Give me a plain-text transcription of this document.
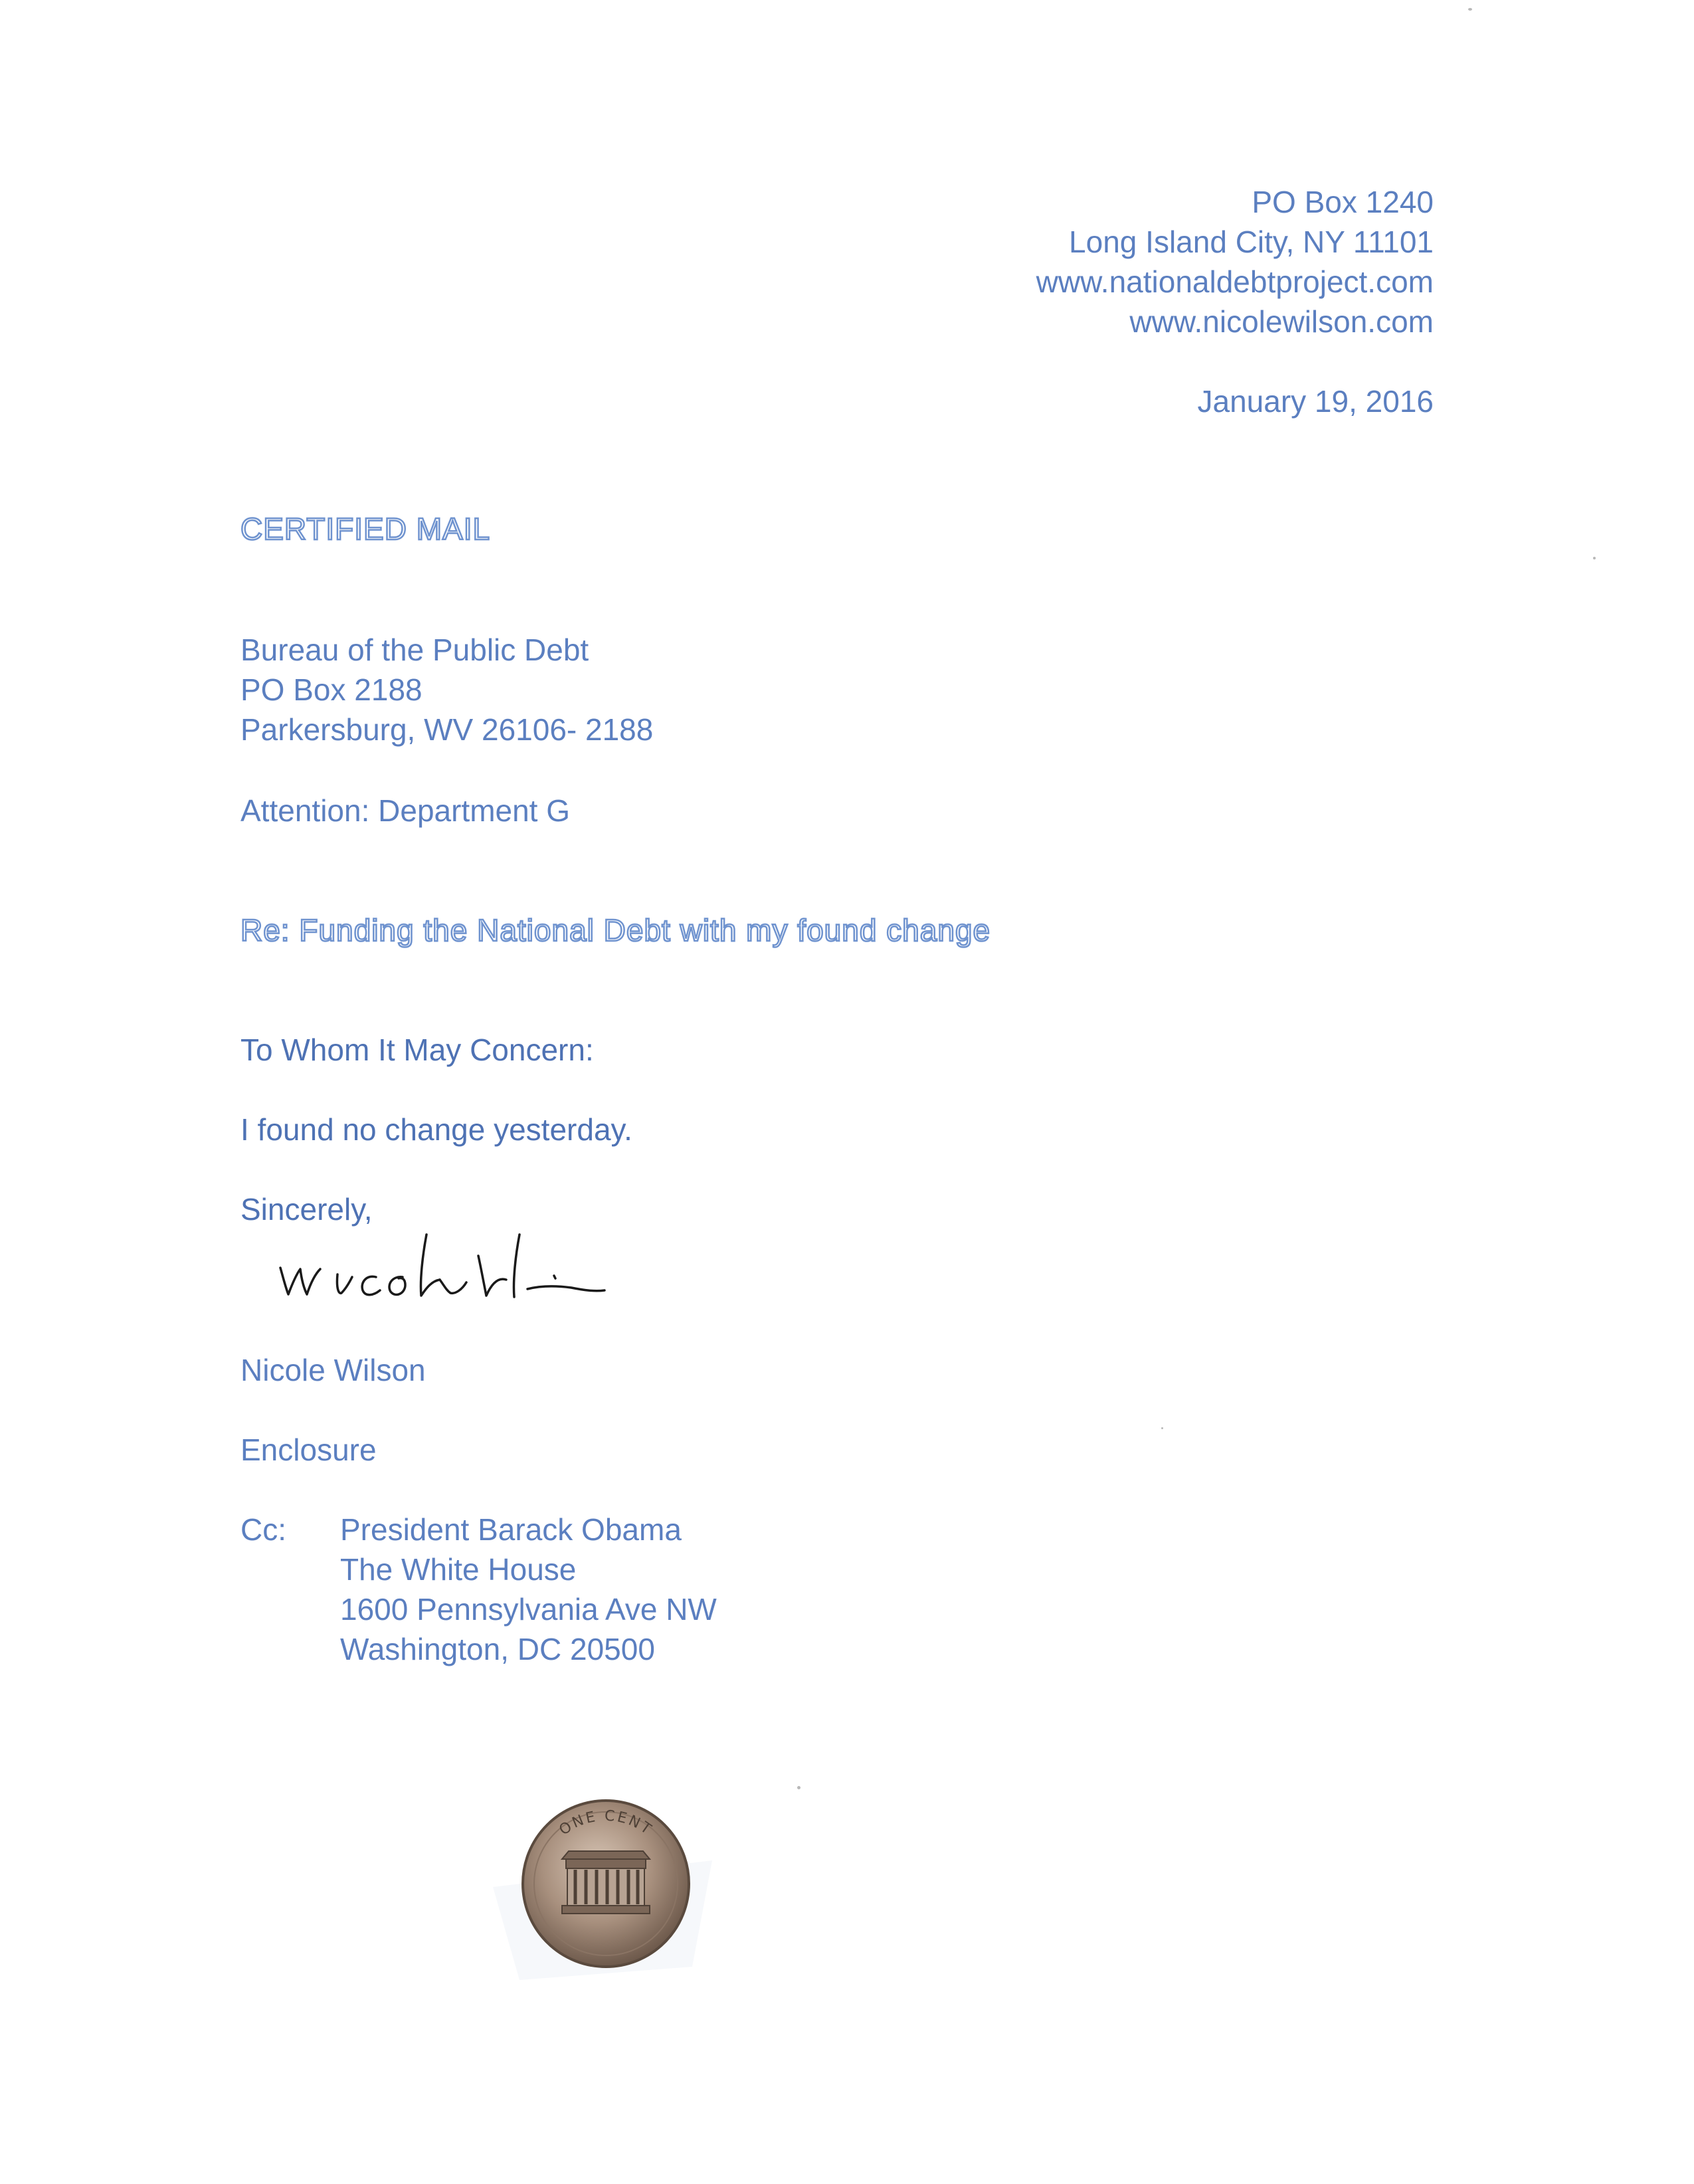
PO Box 1240
Long Island City, NY 11101
www.nationaldebtproject.com
www.nicolewilson.com
January 19, 2016
CERTIFIED MAIL
Bureau of the Public Debt
PO Box 2188
Parkersburg, WV 26106- 2188
Attention: Department G
Re: Funding the National Debt with my found change
To Whom It May Concern:
I found no change yesterday.
Sincerely,
Nicole Wilson
Enclosure
Cc: President Barack Obama
The White House
1600 Pennsylvania Ave NW
Washington, DC 20500
ONE CENT
